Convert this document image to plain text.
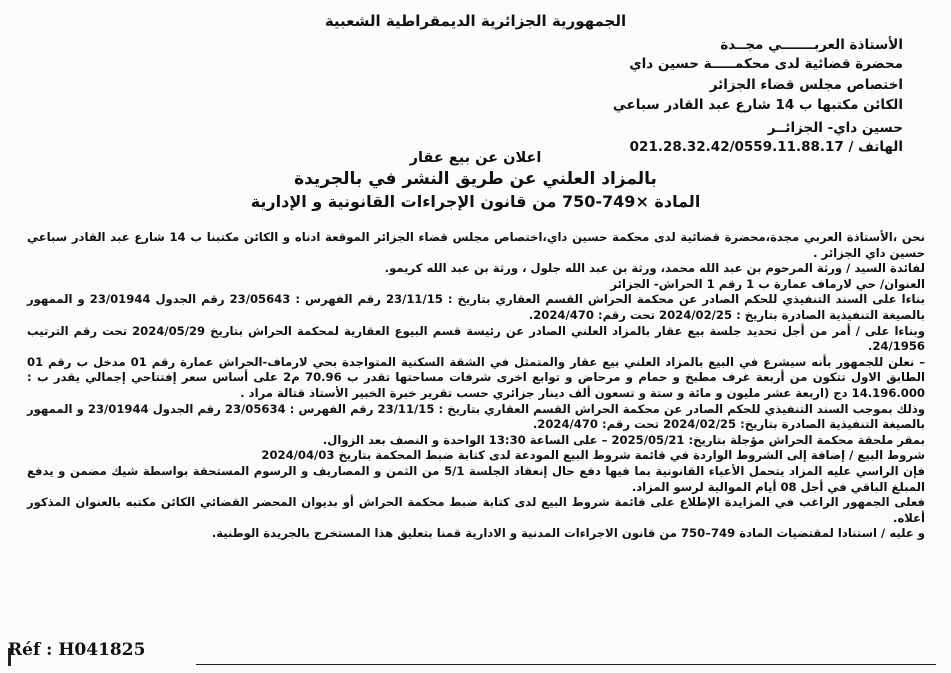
الجمهورية الجزائرية الديمقراطية الشعبية
الأستاذة العربـــــــي مجــدة
محضرة قضائية لدى محكمـــــة حسين داي
اختصاص مجلس قضاء الجزائر
الكائن مكتبها ب 14 شارع عبد القادر سباعي
حسين داي- الجزائــر
الهاتف / 021.28.32.42/0559.11.88.17
اعلان عن بيع عقار
بالمزاد العلني عن طريق النشر في بالجريدة
المادة ×749-750 من قانون الإجراءات القانونية و الإدارية

نحن ،الأستاذة العربي مجدة،محضرة قضائية لدى محكمة حسين داي،اختصاص مجلس قضاء الجزائر الموقعة ادناه و الكائن مكتبنا ب 14 شارع عبد القادر سباعي حسين داي الجزائر .

لفائدة السيد / ورثة المرحوم بن عبد الله محمد، ورثة بن عبد الله جلول ، ورثة بن عبد الله كريمو.

العنوان/ حي لارماف عمارة ب 1 رقم 1 الحراش- الجزائر

بناءا على السند التنفيذي للحكم الصادر عن محكمة الحراش القسم العقاري بتاريخ : 23/11/15 رقم الفهرس : 23/05643 رقم الجدول 23/01944 و الممهور بالصيغة التنفيذية الصادرة بتاريخ : 2024/02/25 تحت رقم: 2024/470.

وبناءا على / أمر من أجل تحديد جلسة بيع عقار بالمزاد العلني الصادر عن رئيسة قسم البيوع العقارية لمحكمة الحراش بتاريخ 2024/05/29 تحت رقم الترتيب 24/1956.

– نعلن للجمهور بأنه سيشرع في البيع بالمزاد العلني بيع عقار والمتمثل في الشقة السكنية المتواجدة بحي لارماف-الحراش عمارة رقم 01 مدخل ب رقم 01 الطابق الاول تتكون من أربعة غرف مطبخ و حمام و مرحاض و توابع اخرى شرفات مساحتها تقدر ب 70.96 م2 على أساس سعر إفتتاحي إجمالي يقدر ب : 14.196.000 دج (اربعة عشر مليون و مائة و ستة و تسعون ألف دينار جزائري حسب تقرير خبرة الخبير الأستاذ قتالة مراد .

وذلك بموجب السند التنفيذي للحكم الصادر عن محكمة الحراش القسم العقاري بتاريخ : 23/11/15 رقم الفهرس : 23/05634 رقم الجدول 23/01944 و الممهور بالصيغة التنفيذية الصادرة بتاريخ: 2024/02/25 تحت رقم: 2024/470.

بمقر ملحقة محكمة الحراش مؤجلة بتاريخ: 2025/05/21 – على الساعة 13:30 الواحدة و النصف بعد الزوال.

شروط البيع / إضافة إلى الشروط الواردة في قائمة شروط البيع المودعة لدى كتابة ضبط المحكمة بتاريخ 2024/04/03

فإن الراسي عليه المزاد يتحمل الأعباء القانونية بما فيها دفع حال إنعقاد الجلسة 5/1 من الثمن و المصاريف و الرسوم المستحقة بواسطة شيك مضمن و يدفع المبلغ الباقي في أجل 08 أيام الموالية لرسو المزاد.

فعلى الجمهور الراغب في المزايدة الإطلاع على قائمة شروط البيع لدى كتابة ضبط محكمة الحراش أو بديوان المحضر القضائي الكائن مكتبه بالعنوان المذكور أعلاه.

و عليه / استنادا لمقتضيات المادة 749–750 من قانون الاجراءات المدنية و الادارية قمنا بتعليق هذا المستخرج بالجريدة الوطنية.

Réf : H041825
